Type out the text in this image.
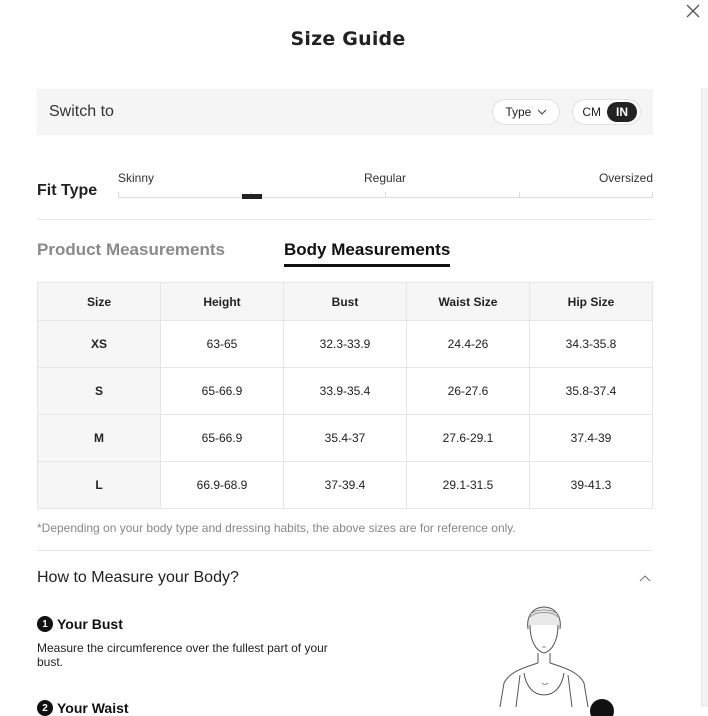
Size Guide
Switch to	Type	CM	IN
Fit Type
Skinny	Regular	Oversized
Product Measurements	Body Measurements
Size	Height	Bust	Waist Size	Hip Size
XS	63-65	32.3-33.9	24.4-26	34.3-35.8
S	65-66.9	33.9-35.4	26-27.6	35.8-37.4
M	65-66.9	35.4-37	27.6-29.1	37.4-39
L	66.9-68.9	37-39.4	29.1-31.5	39-41.3
*Depending on your body type and dressing habits, the above sizes are for reference only.
How to Measure your Body?
1 Your Bust
Measure the circumference over the fullest part of your bust.
2 Your Waist
